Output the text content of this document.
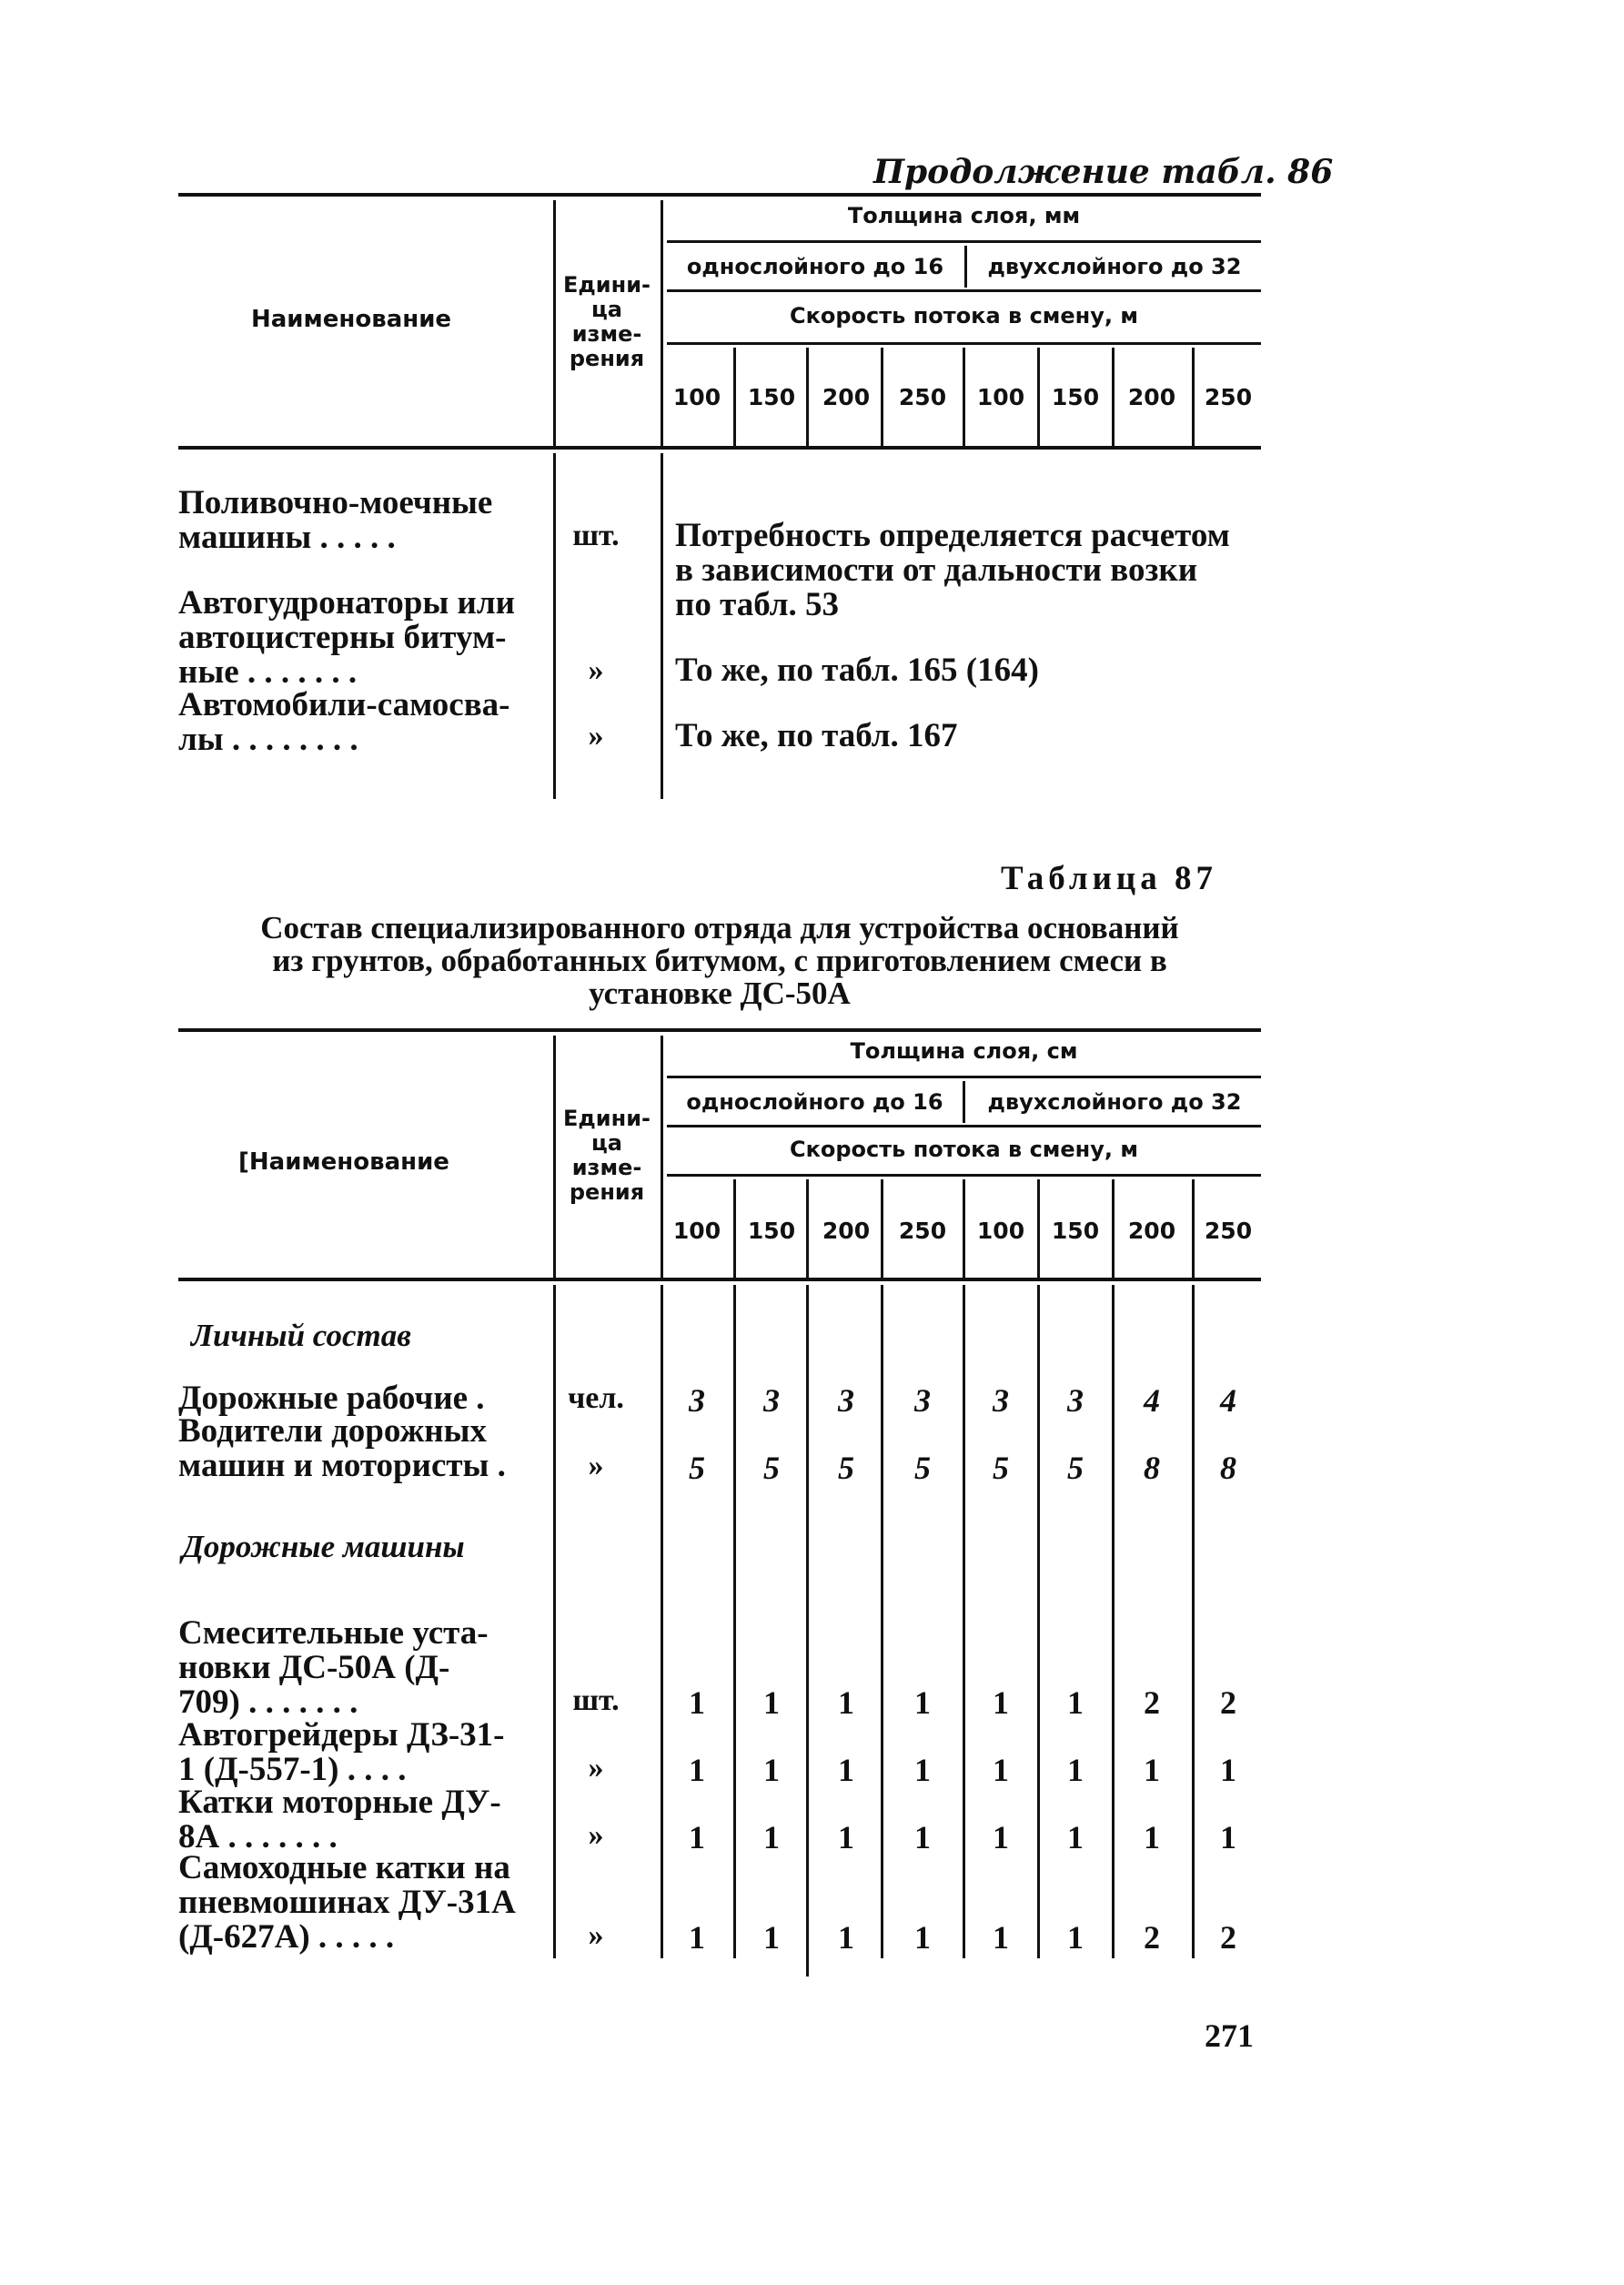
Продолжение табл. 86
Наименование
Едини-
ца
изме-
рения
Толщина слоя, мм
однослойного до 16	двухслойного до 32
Скорость потока в смену, м
100	150	200	250	100	150	200	250
Поливочно-моечные
машины . . . . .	шт.	Потребность определяется расчетом
в зависимости от дальности возки
по табл. 53
Автогудронаторы или
автоцистерны битум-
ные . . . . . . .	»	То же, по табл. 165 (164)
Автомобили-самосва-
лы . . . . . . . .	»	То же, по табл. 167
Таблица 87
Состав специализированного отряда для устройства оснований
из грунтов, обработанных битумом, с приготовлением смеси в
установке ДС-50А
[Наименование
Едини-
ца
изме-
рения
Толщина слоя, см
однослойного до 16	двухслойного до 32
Скорость потока в смену, м
100	150	200	250	100	150	200	250
Личный состав
Дорожные рабочие .	чел.	3	3	3	3	3	3	4	4
Водители дорожных
машин и мотористы .	»	5	5	5	5	5	5	8	8
Дорожные машины
Смесительные уста-
новки ДС-50А (Д-
709) . . . . . . .	шт.	1	1	1	1	1	1	2	2
Автогрейдеры ДЗ-31-
1 (Д-557-1) . . . .	»	1	1	1	1	1	1	1	1
Катки моторные ДУ-
8А . . . . . . .	»	1	1	1	1	1	1	1	1
Самоходные катки на
пневмошинах ДУ-31А
(Д-627А) . . . . .	»	1	1	1	1	1	1	2	2
271
